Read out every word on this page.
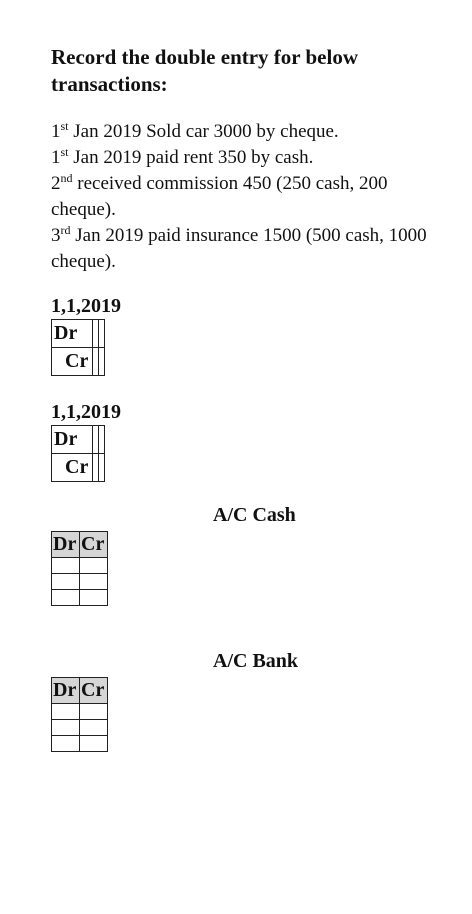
Record the double entry for below transactions:

1st Jan 2019 Sold car 3000 by cheque.

1st Jan 2019 paid rent 350 by cash.

2nd received commission 450 (250 cash, 200 cheque).

3rd Jan 2019 paid insurance 1500 (500 cash, 1000 cheque).

1,1,2019
Dr		
Cr		
1,1,2019
Dr		
Cr		
A/C Cash
Dr	Cr

A/C Bank
Dr	Cr
